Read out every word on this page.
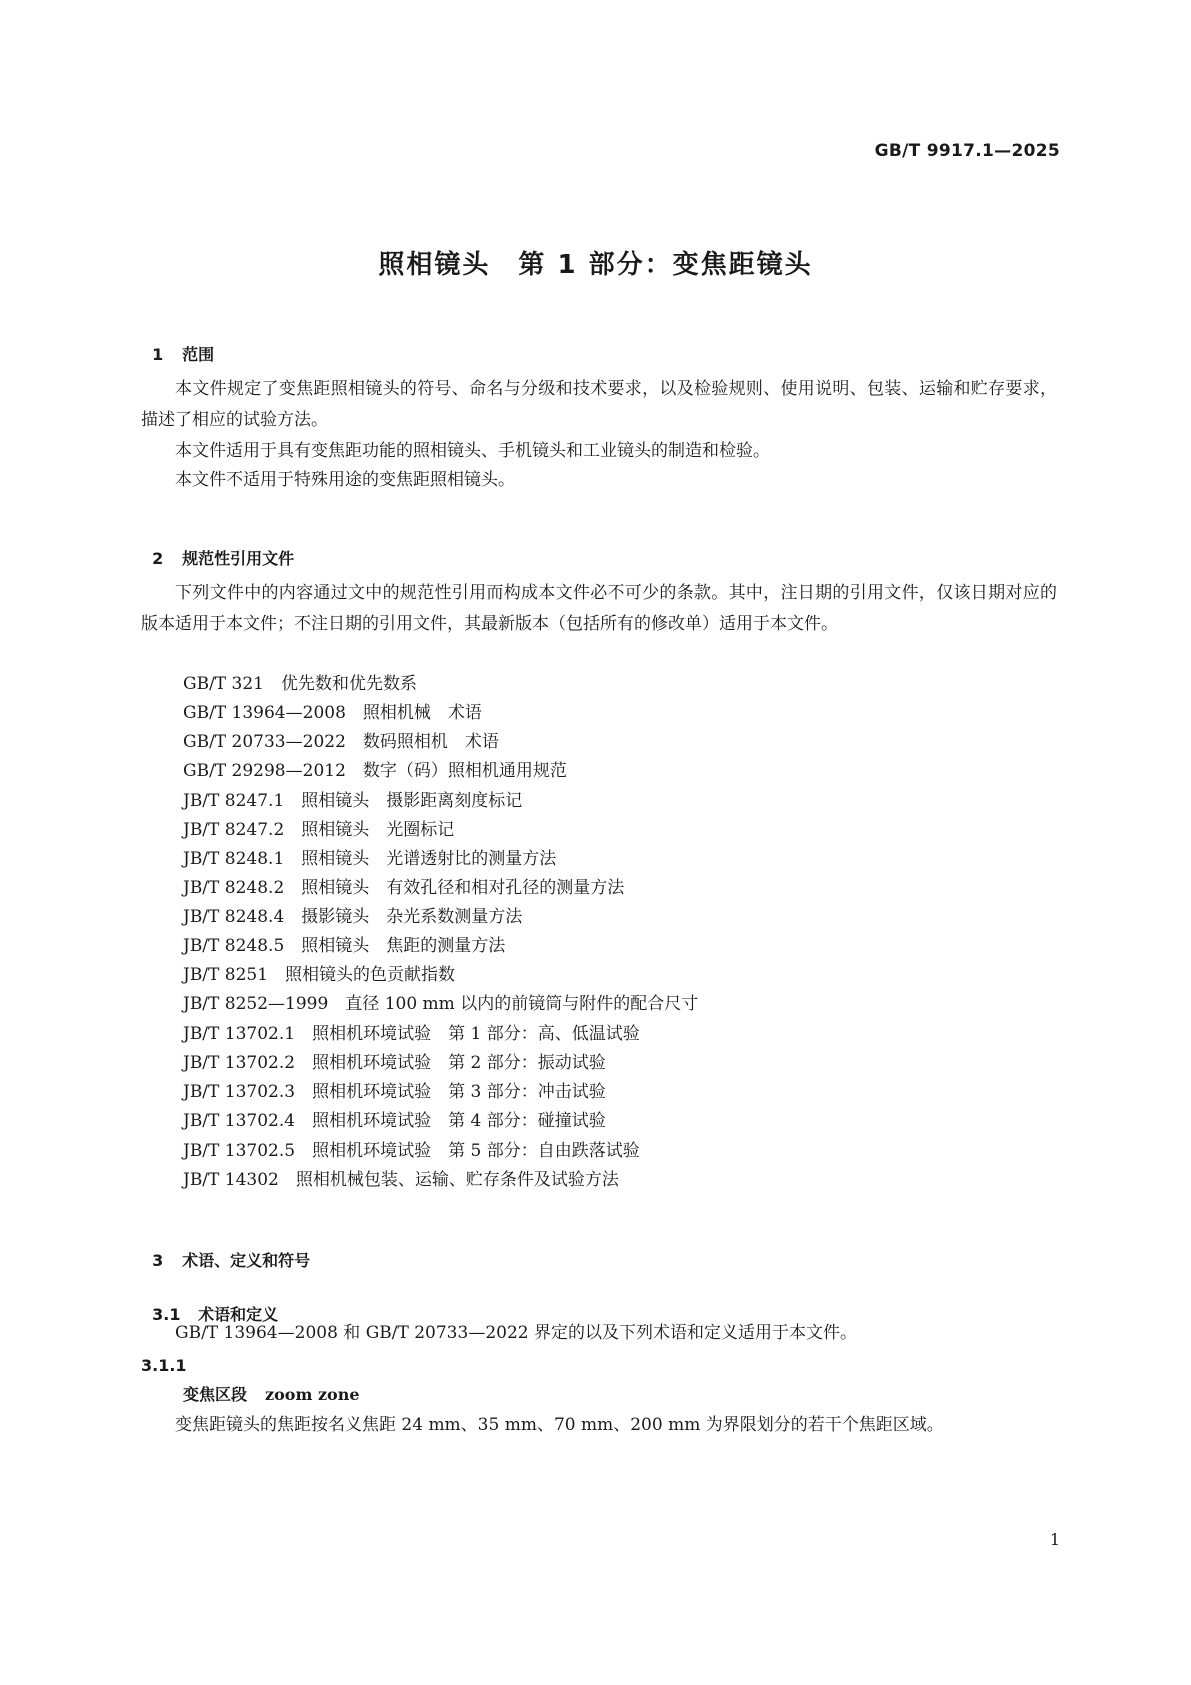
GB/T 9917.1—2025
照相镜头　第 1 部分：变焦距镜头

1 范围

本文件规定了变焦距照相镜头的符号、命名与分级和技术要求，以及检验规则、使用说明、包装、运输和贮存要求，描述了相应的试验方法。

本文件适用于具有变焦距功能的照相镜头、手机镜头和工业镜头的制造和检验。

本文件不适用于特殊用途的变焦距照相镜头。

2 规范性引用文件

下列文件中的内容通过文中的规范性引用而构成本文件必不可少的条款。其中，注日期的引用文件，仅该日期对应的版本适用于本文件；不注日期的引用文件，其最新版本（包括所有的修改单）适用于本文件。

GB/T 321　优先数和优先数系
GB/T 13964—2008　照相机械　术语
GB/T 20733—2022　数码照相机　术语
GB/T 29298—2012　数字（码）照相机通用规范
JB/T 8247.1　照相镜头　摄影距离刻度标记
JB/T 8247.2　照相镜头　光圈标记
JB/T 8248.1　照相镜头　光谱透射比的测量方法
JB/T 8248.2　照相镜头　有效孔径和相对孔径的测量方法
JB/T 8248.4　摄影镜头　杂光系数测量方法
JB/T 8248.5　照相镜头　焦距的测量方法
JB/T 8251　照相镜头的色贡献指数
JB/T 8252—1999　直径 100 mm 以内的前镜筒与附件的配合尺寸
JB/T 13702.1　照相机环境试验　第 1 部分：高、低温试验
JB/T 13702.2　照相机环境试验　第 2 部分：振动试验
JB/T 13702.3　照相机环境试验　第 3 部分：冲击试验
JB/T 13702.4　照相机环境试验　第 4 部分：碰撞试验
JB/T 13702.5　照相机环境试验　第 5 部分：自由跌落试验
JB/T 14302　照相机械包装、运输、贮存条件及试验方法

3 术语、定义和符号

3.1 术语和定义

GB/T 13964—2008 和 GB/T 20733—2022 界定的以及下列术语和定义适用于本文件。

3.1.1
变焦区段 zoom zone

变焦距镜头的焦距按名义焦距 24 mm、35 mm、70 mm、200 mm 为界限划分的若干个焦距区域。

1
